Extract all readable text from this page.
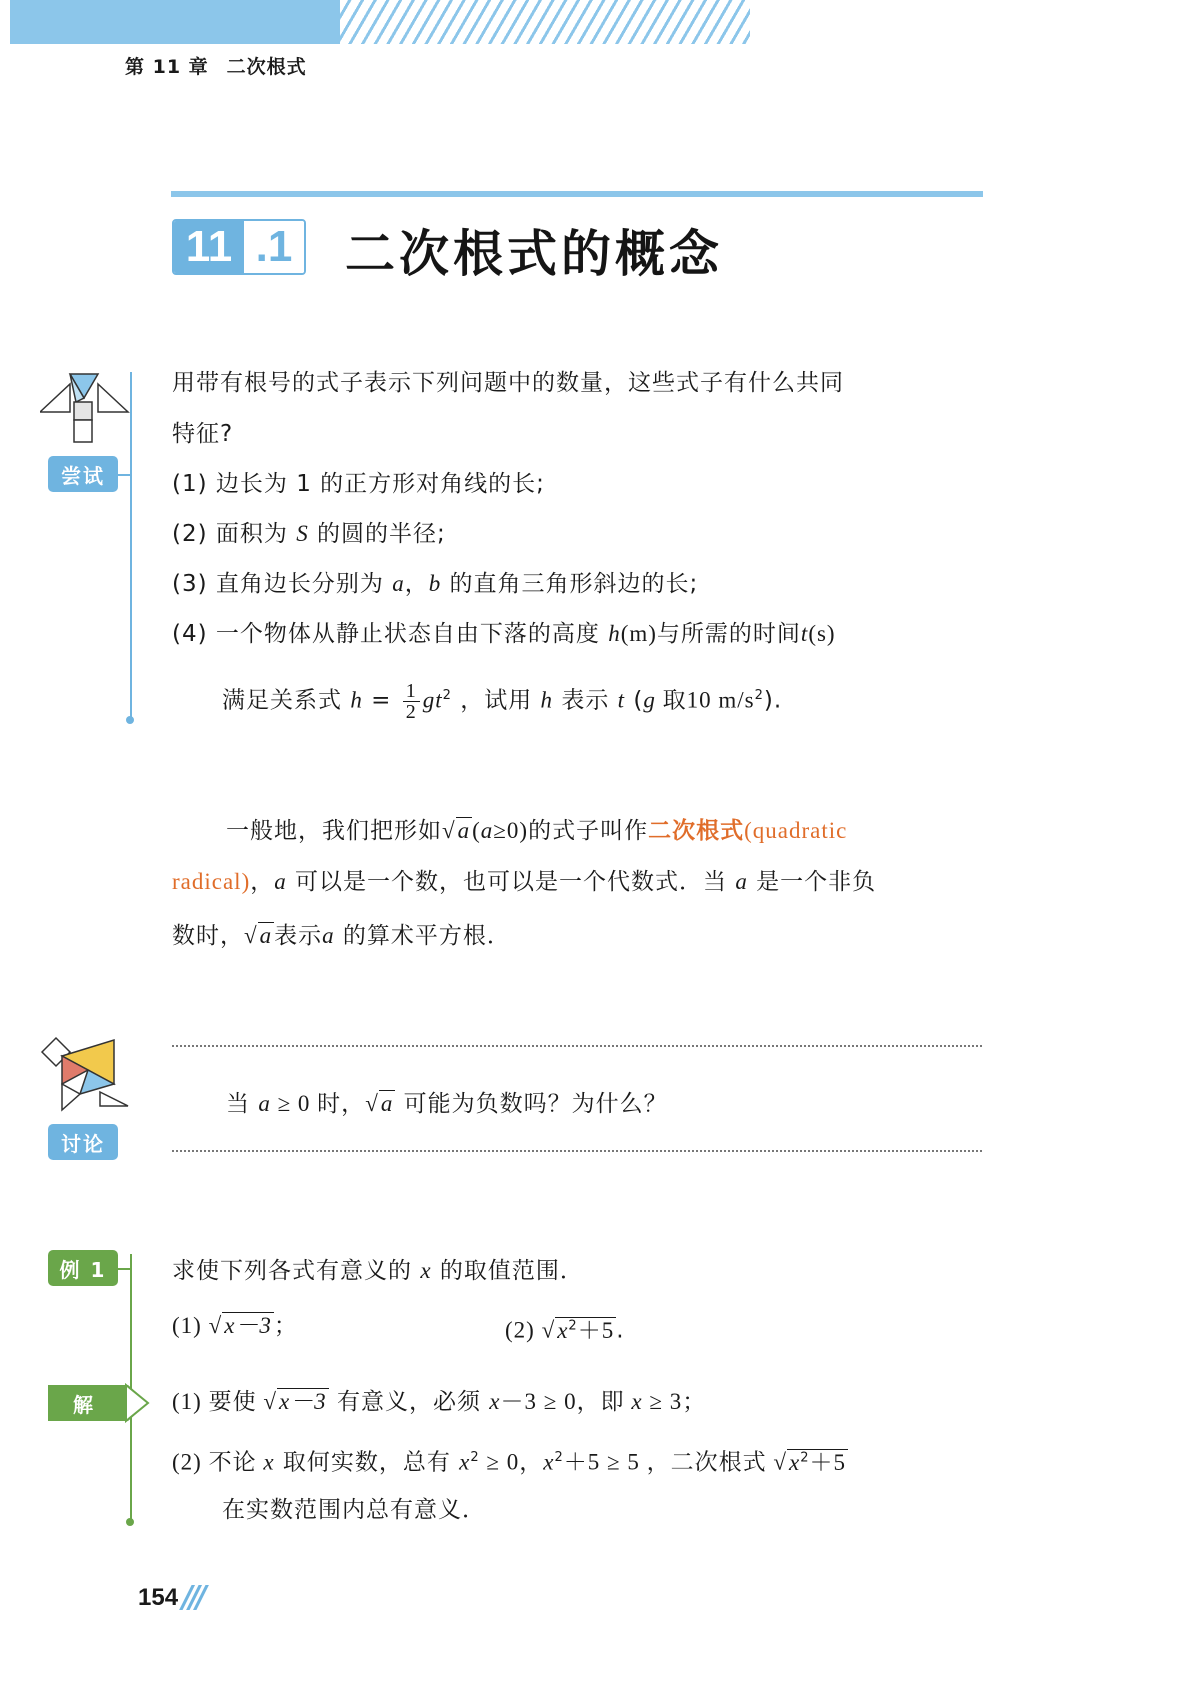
第 11 章 二次根式
11 .1 二次根式的概念
尝试
用带有根号的式子表示下列问题中的数量，这些式子有什么共同
特征?
(1) 边长为 1 的正方形对角线的长;
(2) 面积为 S 的圆的半径;
(3) 直角边长分别为 a，b 的直角三角形斜边的长;
(4) 一个物体从静止状态自由下落的高度 h(m)与所需的时间t(s)
满足关系式 $h = \frac{1}{2} gt^2$ ，试用 h 表示 t (g 取10 $m/s^2$).
一般地，我们把形如√a(a≥0)的式子叫作二次根式(quadratic
radical)，a 可以是一个数，也可以是一个代数式．当 a 是一个非负
数时，√a表示a 的算术平方根．
讨论
当 a ≥ 0 时，√a 可能为负数吗？为什么？
例 1	求使下列各式有意义的 x 的取值范围．
(1) √x－3；	(2) $√x^2+5$.
解	(1) 要使 √x－3 有意义，必须 x－3 ≥ 0，即 x ≥ 3；
(2) 不论 x 取何实数，总有 $x^2 \ge 0$，$x^2+5 \ge 5$ ，二次根式 $√x^2+5$
在实数范围内总有意义．
154 ///
